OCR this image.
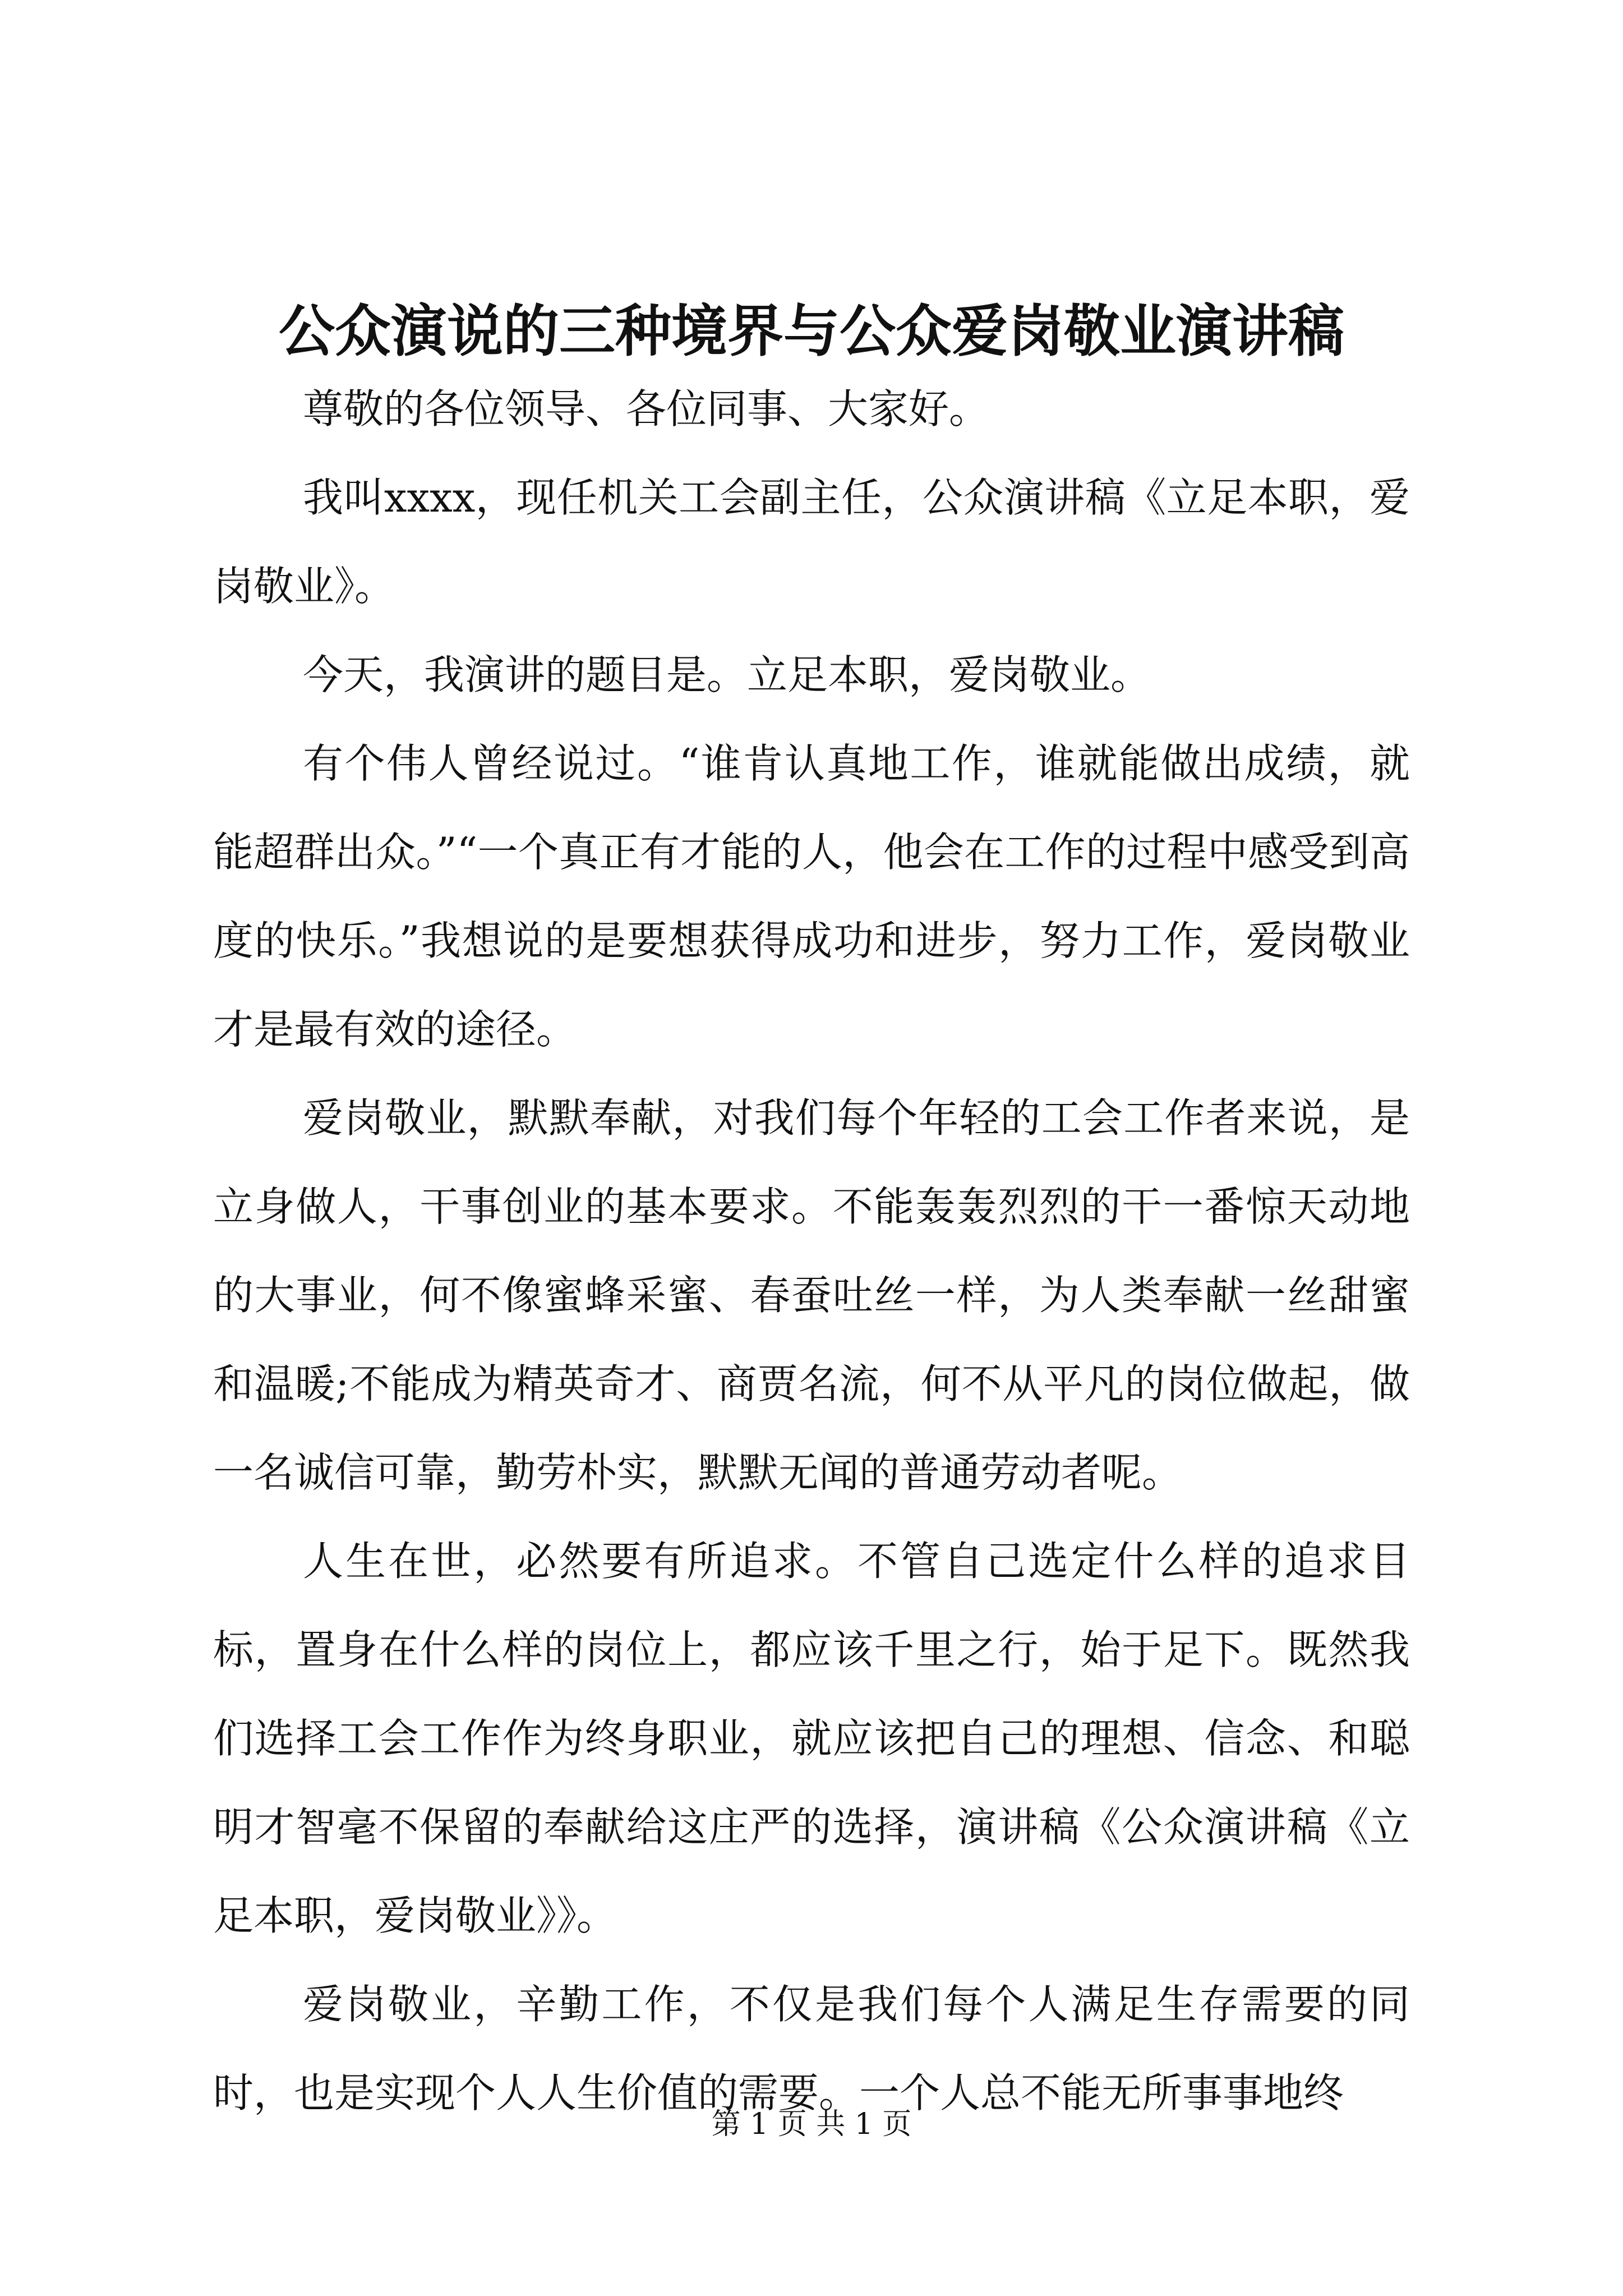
公众演说的三种境界与公众爱岗敬业演讲稿

尊敬的各位领导、各位同事、大家好。

我叫xxxx，现任机关工会副主任，公众演讲稿《立足本职，爱岗敬业》。

今天，我演讲的题目是。立足本职，爱岗敬业。

有个伟人曾经说过。“谁肯认真地工作，谁就能做出成绩，就能超群出众。”“一个真正有才能的人，他会在工作的过程中感受到高度的快乐。”我想说的是要想获得成功和进步，努力工作，爱岗敬业才是最有效的途径。

爱岗敬业，默默奉献，对我们每个年轻的工会工作者来说，是立身做人，干事创业的基本要求。不能轰轰烈烈的干一番惊天动地的大事业，何不像蜜蜂采蜜、春蚕吐丝一样，为人类奉献一丝甜蜜和温暖;不能成为精英奇才、商贾名流，何不从平凡的岗位做起，做一名诚信可靠，勤劳朴实，默默无闻的普通劳动者呢。

人生在世，必然要有所追求。不管自己选定什么样的追求目标，置身在什么样的岗位上，都应该千里之行，始于足下。既然我们选择工会工作作为终身职业，就应该把自己的理想、信念、和聪明才智毫不保留的奉献给这庄严的选择，演讲稿《公众演讲稿《立足本职，爱岗敬业》》。

爱岗敬业，辛勤工作，不仅是我们每个人满足生存需要的同时，也是实现个人人生价值的需要。一个人总不能无所事事地终

第 1 页 共 1 页
